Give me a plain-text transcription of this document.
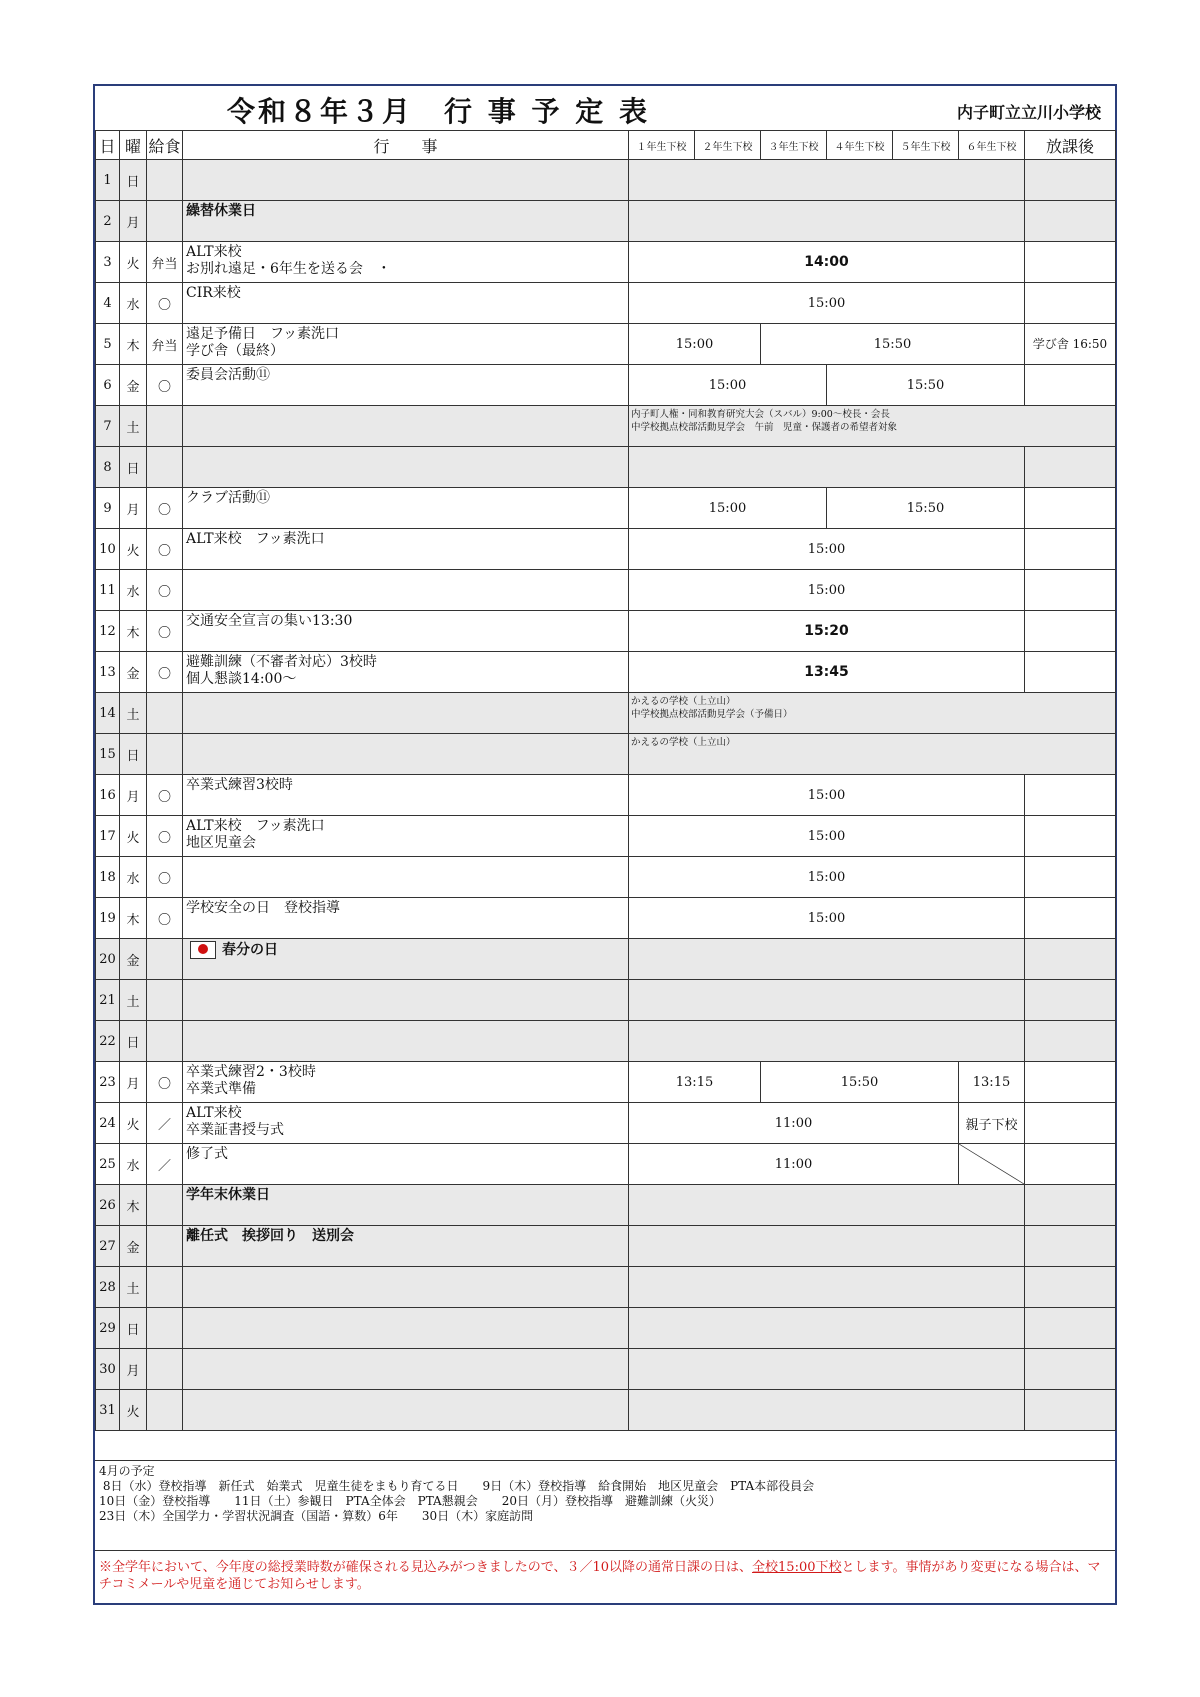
令和８年３月　行 事 予 定 表	内子町立立川小学校
日	曜	給食	行　　事	１年生下校	２年生下校	３年生下校	４年生下校	５年生下校	６年生下校	放課後
1	日									
2	月		繰替休業日							
3	火	弁当	ALT来校
お別れ遠足・6年生を送る会　・	14:00						
4	水	〇	CIR来校	15:00						
5	木	弁当	遠足予備日　フッ素洗口
学び舎（最終）	15:00		15:50				学び舎 16:50
6	金	〇	委員会活動⑪	15:00			15:50			
7	土			内子町人権・同和教育研究大会（スバル）9:00〜校長・会長
中学校拠点校部活動見学会　午前　児童・保護者の希望者対象						
8	日									
9	月	〇	クラブ活動⑪	15:00			15:50			
10	火	〇	ALT来校　フッ素洗口	15:00						
11	水	〇		15:00						
12	木	〇	交通安全宣言の集い13:30	15:20						
13	金	〇	避難訓練（不審者対応）3校時
個人懇談14:00〜	13:45						
14	土			かえるの学校（上立山）
中学校拠点校部活動見学会（予備日）						
15	日			かえるの学校（上立山）						
16	月	〇	卒業式練習3校時	15:00						
17	火	〇	ALT来校　フッ素洗口
地区児童会	15:00						
18	水	〇		15:00						
19	木	〇	学校安全の日　登校指導	15:00						
20	金		春分の日							
21	土									
22	日									
23	月	〇	卒業式練習2・3校時
卒業式準備	13:15		15:50			13:15	
24	火	／	ALT来校
卒業証書授与式	11:00					親子下校	
25	水	／	修了式	11:00	

26	木		学年末休業日							
27	金		離任式　挨拶回り　送別会							
28	土									
29	日									
30	月									
31	火									
4月の予定
8日（水）登校指導　新任式　始業式　児童生徒をまもり育てる日　　9日（木）登校指導　給食開始　地区児童会　PTA本部役員会
10日（金）登校指導　　11日（土）参観日　PTA全体会　PTA懇親会　　20日（月）登校指導　避難訓練（火災）
23日（木）全国学力・学習状況調査（国語・算数）6年　　30日（木）家庭訪問
※全学年において、今年度の総授業時数が確保される見込みがつきましたので、３／10以降の通常日課の日は、全校15:00下校とします。事情があり変更になる場合は、マチコミメールや児童を通じてお知らせします。
